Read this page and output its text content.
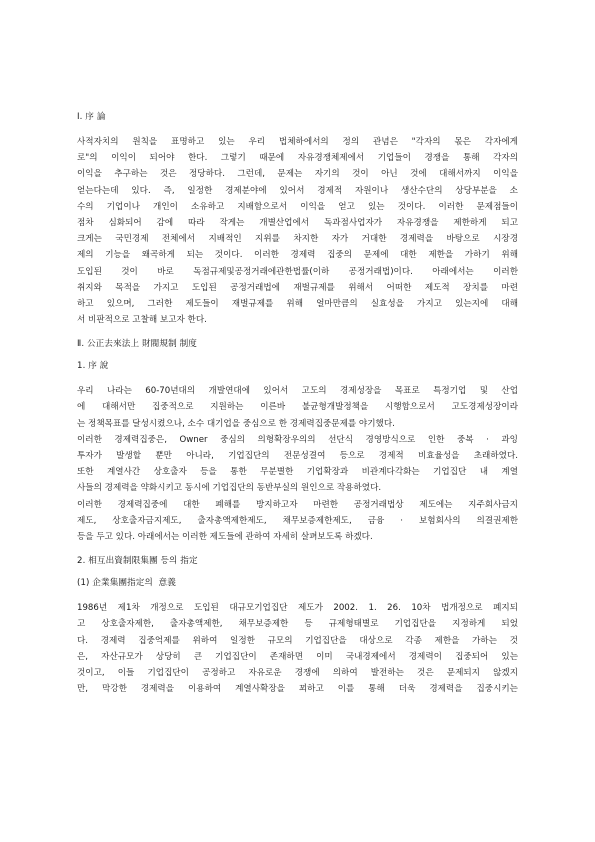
Ⅰ. 序 論
사적자치의 원칙을 표명하고 있는 우리 법체하에서의 정의 관념은 "각자의 몫은 각자에게
로"의 이익이 되어야 한다. 그렇기 때문에 자유경쟁체제에서 기업들이 경쟁을 통해 각자의
이익을 추구하는 것은 정당하다. 그런데, 문제는 자기의 것이 아닌 것에 대해서까지 이익을
얻는다는데 있다. 즉, 일정한 경제분야에 있어서 경제적 자원이나 생산수단의 상당부분을 소
수의 기업이나 개인이 소유하고 지배함으로서 이익을 얻고 있는 것이다. 이러한 문제점들이
점차 심화되어 감에 따라 작게는 개별산업에서 독과점사업자가 자유경쟁을 제한하게 되고
크게는 국민경제 전체에서 지배적인 지위를 차지한 자가 거대한 경제력을 바탕으로 시장경
제의 기능을 왜곡하게 되는 것이다. 이러한 경제력 집중의 문제에 대한 제한을 가하기 위해
도입된 것이 바로 독점규제및공정거래에관한법률(이하 공정거래법)이다. 아래에서는 이러한
취지와 목적을 가지고 도입된 공정거래법에 재벌규제를 위해서 어떠한 제도적 장치를 마련
하고 있으며, 그러한 제도들이 재벌규제를 위해 얼마만큼의 실효성을 가지고 있는지에 대해
서 비판적으로 고찰해 보고자 한다.
Ⅱ. 公正去來法上 財閥規制 制度
1. 序 說
우리 나라는 60-70년대의 개발연대에 있어서 고도의 경제성장을 목표로 특정기업 및 산업
에 대해서만 집중적으로 지원하는 이른바 불균형개발정책을 시행함으로서 고도경제성장이라
는 정책목표를 달성시켰으나, 소수 대기업을 중심으로 한 경제력집중문제를 야기했다.
이러한 경제력집중은, Owner 중심의 의형확장우의의 선단식 경영방식으로 인한 중복 · 과잉
투자가 발생할 뿐만 아니라, 기업집단의 전문성결여 등으로 경제적 비효율성을 초래하였다.
또한 계열사간 상호출자 등을 통한 무분별한 기업확장과 비관계다각화는 기업집단 내 계열
사들의 경제력을 약화시키고 동시에 기업집단의 동반부실의 원인으로 작용하였다.
이러한 경제력집중에 대한 폐해를 방지하고자 마련한 공정거래법상 제도에는 지주회사금지
제도, 상호출자금지제도, 출자총액제한제도, 채무보증제한제도, 금융 · 보험회사의 의결권제한
등을 두고 있다. 아래에서는 이러한 제도들에 관하여 자세히 살펴보도록 하겠다.
2. 相互出資制限集團 등의 指定
(1) 企業集團指定의  意義
1986년 제1차 개정으로 도입된 대규모기업집단 제도가 2002. 1. 26. 10차 법개정으로 폐지되
고 상호출자제한, 출자총액제한, 채무보증제한 등 규제형태별로 기업집단을 지정하게 되었
다. 경제력 집중억제를 위하여 일정한 규모의 기업집단을 대상으로 각종 제한을 가하는 것
은, 자산규모가 상당히 큰 기업집단이 존재하면 이미 국내경제에서 경제력이 집중되어 있는
것이고, 이들 기업집단이 공정하고 자유로운 경쟁에 의하여 발전하는 것은 문제되지 않겠지
만, 막강한 경제력을 이용하여 계열사확장을 꾀하고 이를 통해 더욱 경제력을 집중시키는
